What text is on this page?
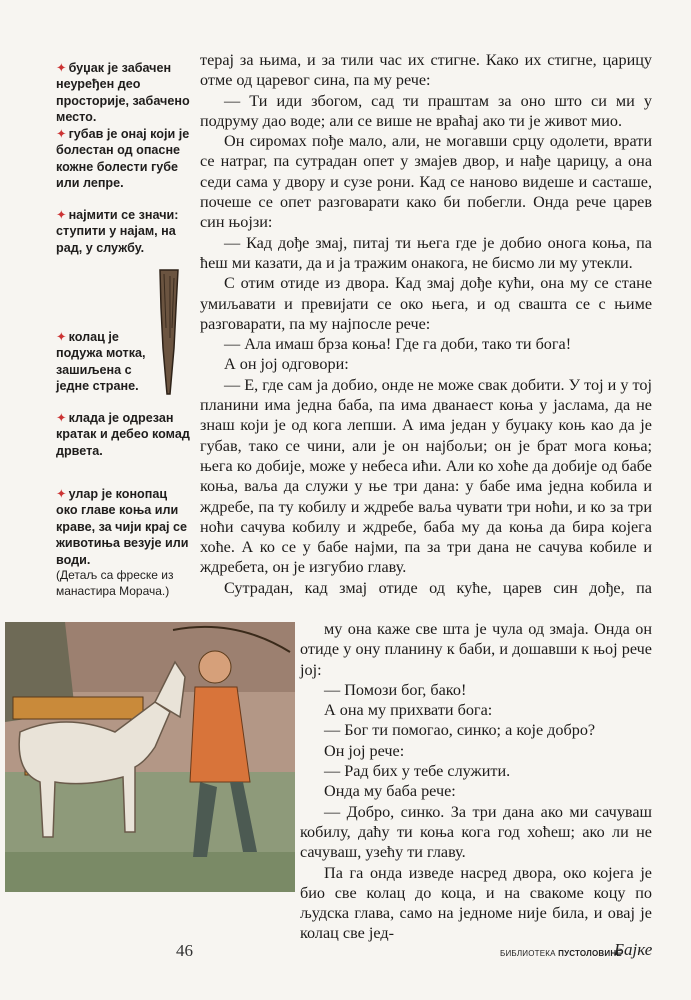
✦ буџак је забачен неуређен део просторије, забачено место.
✦ губав је онај који је болестан од опасне кожне болести губе или лепре.
✦ најмити се значи: ступити у најам, на рад, у службу.
✦ колац је подужа мотка, зашиљена с једне стране.
✦ клада је одрезан кратак и дебео комад дрвета.
✦ улар је конопац око главе коња или краве, за чији крај се животиња везује или води.
(Детаљ са фреске из манастира Морача.)

терај за њима, и за тили час их стигне. Како их стигне, царицу отме од царевог сина, па му рече:

— Ти иди збогом, сад ти праштам за оно што си ми у подруму дао воде; али се више не враћај ако ти је живот мио.

Он сиромах пође мало, али, не могавши срцу одолети, врати се натраг, па сутрадан опет у змајев двор, и нађе царицу, а она седи сама у двору и сузе рони. Кад се наново видеше и састаше, почеше се опет разговарати како би побегли. Онда рече царев син њојзи:

— Кад дође змај, питај ти њега где је добио онога коња, па ћеш ми казати, да и ја тражим онакога, не бисмо ли му утекли.

С отим отиде из двора. Кад змај дође кући, она му се стане умиљавати и превијати се око њега, и од свашта се с њиме разговарати, па му најпосле рече:

— Ала имаш брза коња! Где га доби, тако ти бога!

А он јој одговори:

— Е, где сам ја добио, онде не може свак добити. У тој и у тој планини има једна баба, па има дванаест коња у јаслама, да не знаш који је од кога лепши. А има један у буџаку коњ као да је губав, тако се чини, али је он најбољи; он је брат мога коња; њега ко добије, може у небеса ићи. Али ко хоће да добије од бабе коња, ваља да служи у ње три дана: у бабе има једна кобила и ждребе, па ту кобилу и ждребе ваља чувати три ноћи, и ко за три ноћи сачува кобилу и ждребе, баба му да коња да бира којега хоће. А ко се у бабе најми, па за три дана не сачува кобиле и ждребета, он је изгубио главу.

Сутрадан, кад змај отиде од куће, царев син дође, па

му она каже све шта је чула од змаја. Онда он отиде у ону планину к баби, и дошавши к њој рече јој:

— Помози бог, бако!

А она му прихвати бога:

— Бог ти помогао, синко; а које добро?

Он јој рече:

— Рад бих у тебе служити.

Онда му баба рече:

— Добро, синко. За три дана ако ми сачуваш кобилу, даћу ти коња кога год хоћеш; ако ли не сачуваш, узећу ти главу.

Па га онда изведе насред двора, око којега је био све колац до коца, и на свакоме коцу по људска глава, само на једноме није била, и овај је колац све јед-

46	БИБЛИОТЕКА ПУСТОЛОВИНЕ
Бајке
